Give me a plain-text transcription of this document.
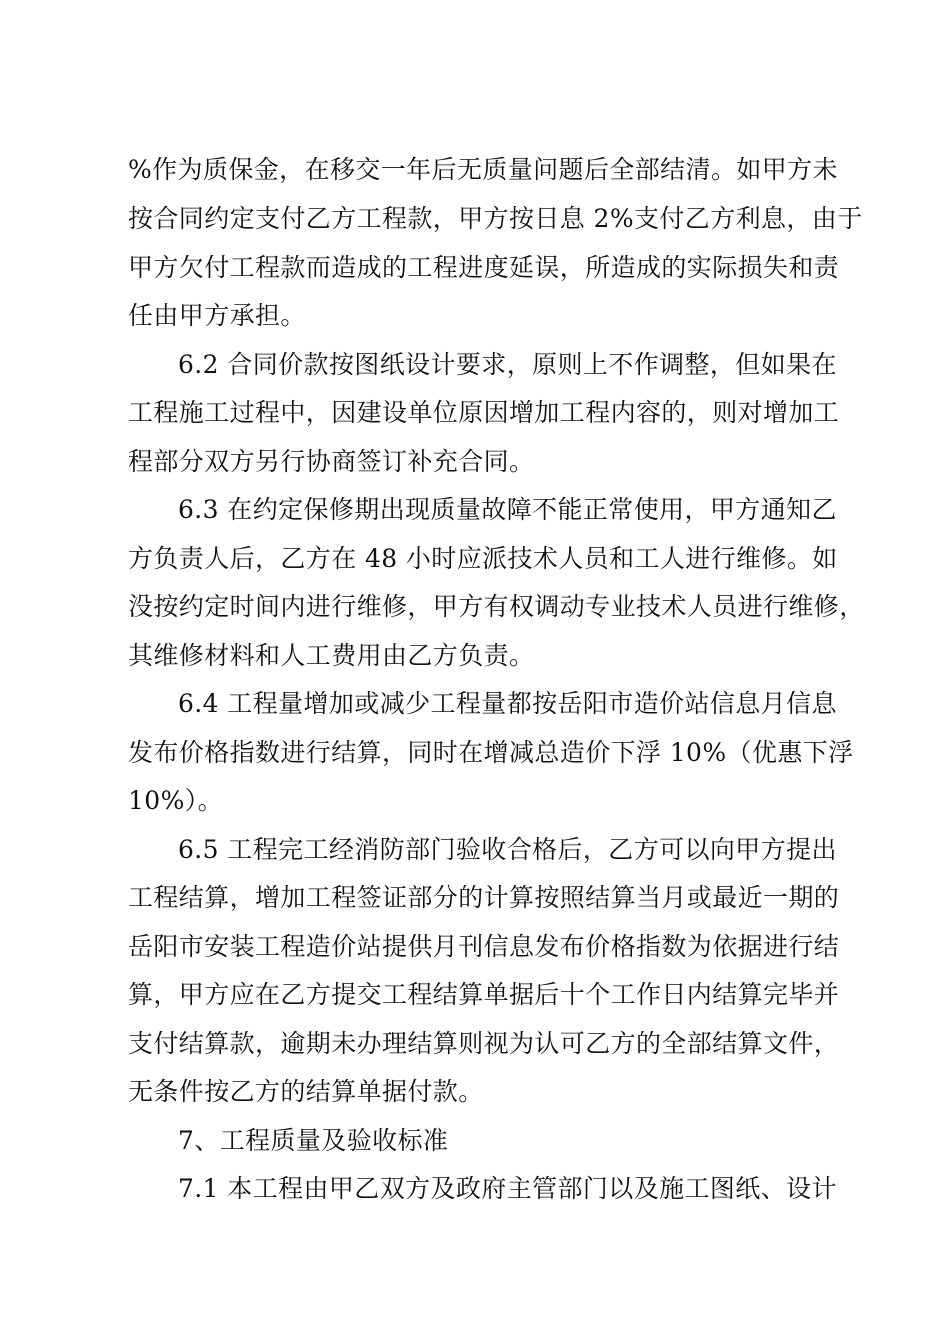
%作为质保金，在移交一年后无质量问题后全部结清。如甲方未
按合同约定支付乙方工程款，甲方按日息 2%支付乙方利息，由于
甲方欠付工程款而造成的工程进度延误，所造成的实际损失和责
任由甲方承担。
6.2 合同价款按图纸设计要求，原则上不作调整，但如果在
工程施工过程中，因建设单位原因增加工程内容的，则对增加工
程部分双方另行协商签订补充合同。
6.3 在约定保修期出现质量故障不能正常使用，甲方通知乙
方负责人后，乙方在 48 小时应派技术人员和工人进行维修。如
没按约定时间内进行维修，甲方有权调动专业技术人员进行维修，
其维修材料和人工费用由乙方负责。
6.4 工程量增加或减少工程量都按岳阳市造价站信息月信息
发布价格指数进行结算，同时在增减总造价下浮 10%（优惠下浮
10%）。
6.5 工程完工经消防部门验收合格后，乙方可以向甲方提出
工程结算，增加工程签证部分的计算按照结算当月或最近一期的
岳阳市安装工程造价站提供月刊信息发布价格指数为依据进行结
算，甲方应在乙方提交工程结算单据后十个工作日内结算完毕并
支付结算款，逾期未办理结算则视为认可乙方的全部结算文件，
无条件按乙方的结算单据付款。
7、工程质量及验收标准
7.1 本工程由甲乙双方及政府主管部门以及施工图纸、设计
